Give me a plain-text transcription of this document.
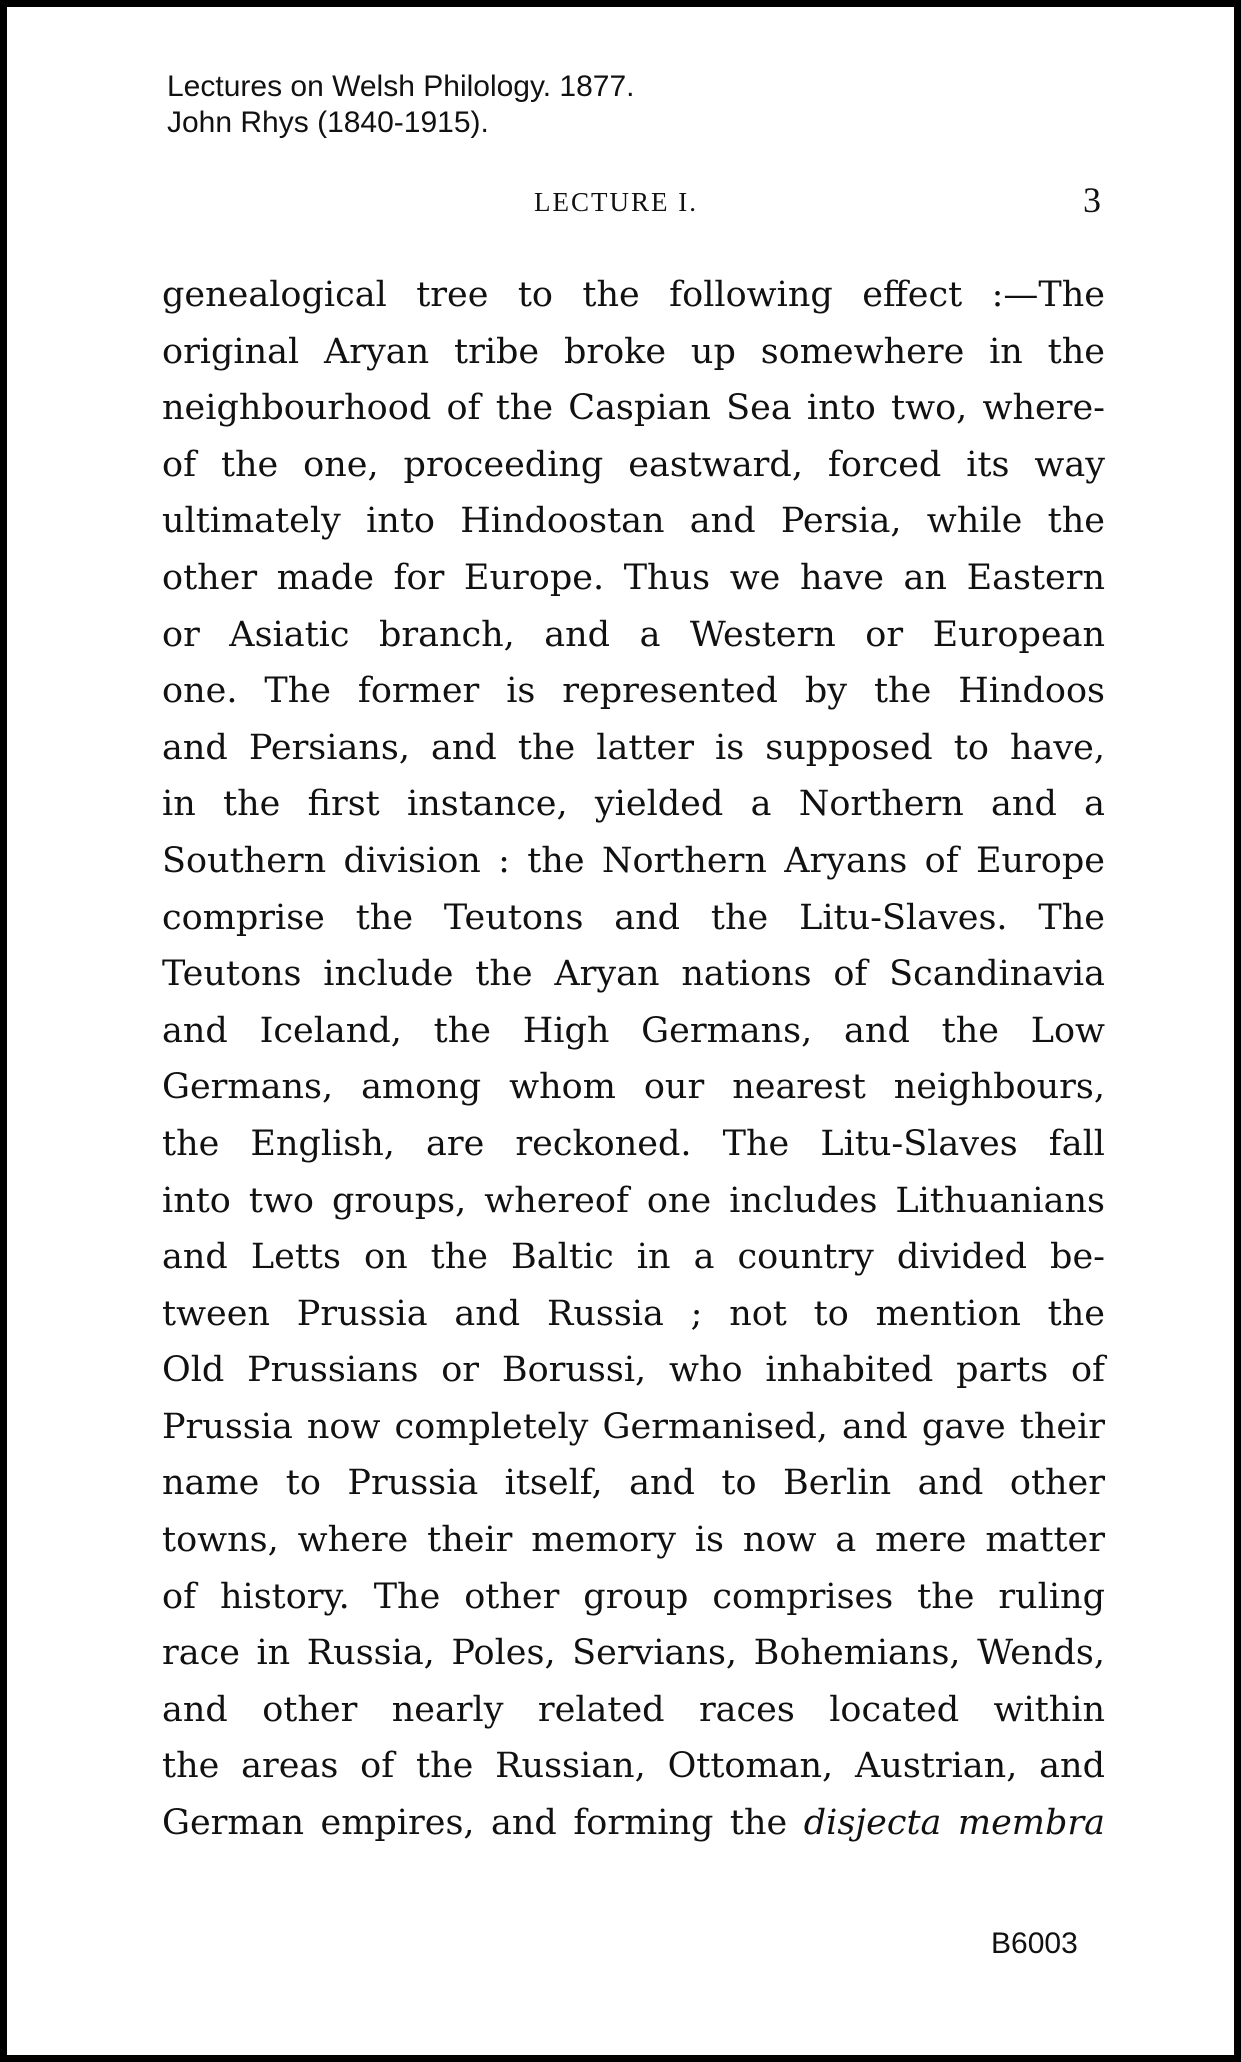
Lectures on Welsh Philology. 1877.
John Rhys (1840-1915).
LECTURE I.	3
genealogical tree to the following effect :—The
original Aryan tribe broke up somewhere in the
neighbourhood of the Caspian Sea into two, where-
of the one, proceeding eastward, forced its way
ultimately into Hindoostan and Persia, while the
other made for Europe. Thus we have an Eastern
or Asiatic branch, and a Western or European
one. The former is represented by the Hindoos
and Persians, and the latter is supposed to have,
in the first instance, yielded a Northern and a
Southern division : the Northern Aryans of Europe
comprise the Teutons and the Litu-Slaves. The
Teutons include the Aryan nations of Scandinavia
and Iceland, the High Germans, and the Low
Germans, among whom our nearest neighbours,
the English, are reckoned. The Litu-Slaves fall
into two groups, whereof one includes Lithuanians
and Letts on the Baltic in a country divided be-
tween Prussia and Russia ; not to mention the
Old Prussians or Borussi, who inhabited parts of
Prussia now completely Germanised, and gave their
name to Prussia itself, and to Berlin and other
towns, where their memory is now a mere matter
of history. The other group comprises the ruling
race in Russia, Poles, Servians, Bohemians, Wends,
and other nearly related races located within
the areas of the Russian, Ottoman, Austrian, and
German empires, and forming the disjecta membra
B6003
